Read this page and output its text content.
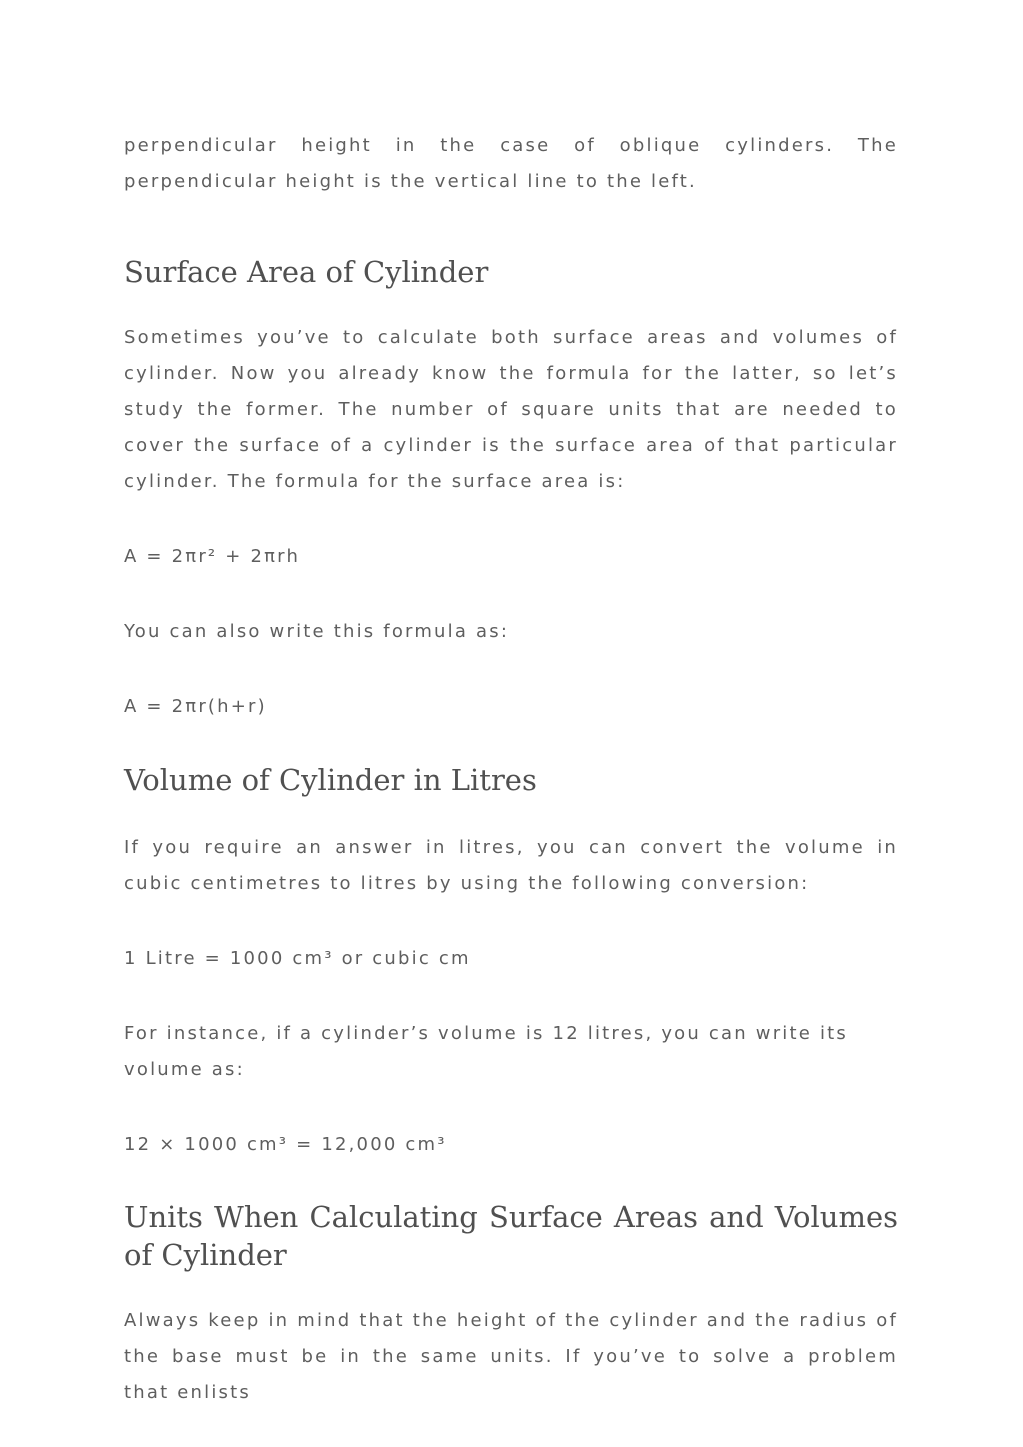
perpendicular height in the case of oblique cylinders. The perpendicular height is the vertical line to the left.

Surface Area of Cylinder

Sometimes you’ve to calculate both surface areas and volumes of cylinder. Now you already know the formula for the latter, so let’s study the former. The number of square units that are needed to cover the surface of a cylinder is the surface area of that particular cylinder. The formula for the surface area is:

A = 2πr² + 2πrh

You can also write this formula as:

A = 2πr(h+r)

Volume of Cylinder in Litres

If you require an answer in litres, you can convert the volume in cubic centimetres to litres by using the following conversion:

1 Litre = 1000 cm³ or cubic cm

For instance, if a cylinder’s volume is 12 litres, you can write its volume as:

12 × 1000 cm³ = 12,000 cm³

Units When Calculating Surface Areas and Volumes of Cylinder

Always keep in mind that the height of the cylinder and the radius of the base must be in the same units. If you’ve to solve a problem that enlists
